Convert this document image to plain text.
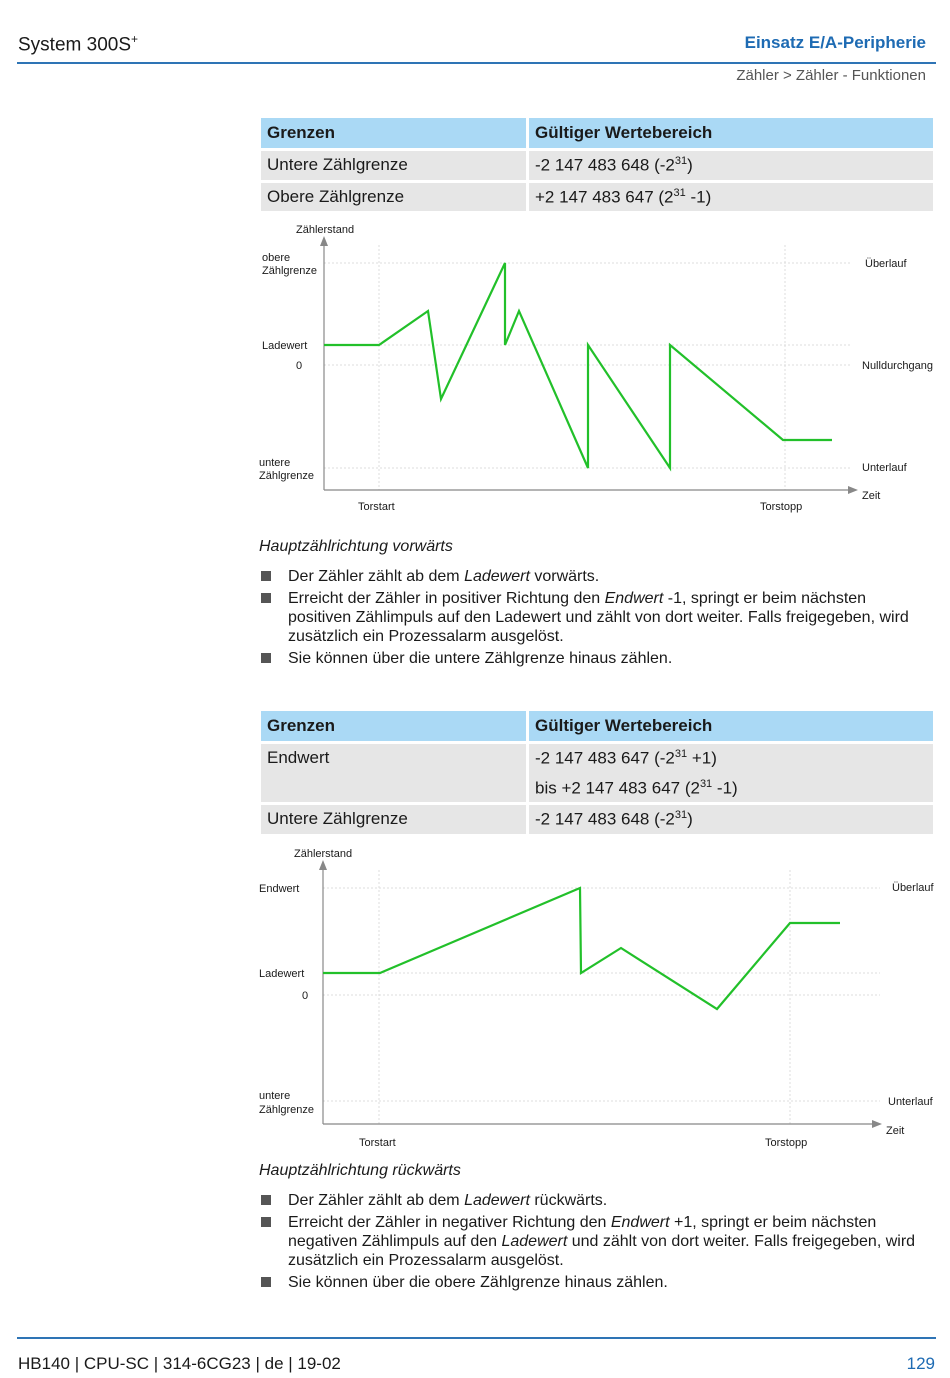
System 300S+	Einsatz E/A-Peripherie
Zähler > Zähler - Funktionen
Grenzen	Gültiger Wertebereich
Untere Zählgrenze	-2 147 483 648 $(-2^{31})$
Obere Zählgrenze	+2 147 483 647 ($2^{31}$ -1)
Zählerstand
obere
Zählgrenze
Ladewert
0
untere
Zählgrenze
Überlauf
Nulldurchgang
Unterlauf
Zeit
Torstart	Torstopp
Hauptzählrichtung vorwärts
Der Zähler zählt ab dem Ladewert vorwärts.
Erreicht der Zähler in positiver Richtung den Endwert -1, springt er beim nächsten positiven Zählimpuls auf den Ladewert und zählt von dort weiter. Falls freigegeben, wird zusätzlich ein Prozessalarm ausgelöst.
Sie können über die untere Zählgrenze hinaus zählen.
Grenzen	Gültiger Wertebereich
Endwert	-2 147 483 647 $(-2^{31} +1)$
bis +2 147 483 647 ($2^{31}$ -1)

Untere Zählgrenze	-2 147 483 648 $(-2^{31})$
Zählerstand
Endwert
Ladewert
0
untere
Zählgrenze
Überlauf
Unterlauf
Zeit
Torstart	Torstopp
Hauptzählrichtung rückwärts
Der Zähler zählt ab dem Ladewert rückwärts.
Erreicht der Zähler in negativer Richtung den Endwert +1, springt er beim nächsten negativen Zählimpuls auf den Ladewert und zählt von dort weiter. Falls freigegeben, wird zusätzlich ein Prozessalarm ausgelöst.
Sie können über die obere Zählgrenze hinaus zählen.
HB140 | CPU-SC | 314-6CG23 | de | 19-02	129
